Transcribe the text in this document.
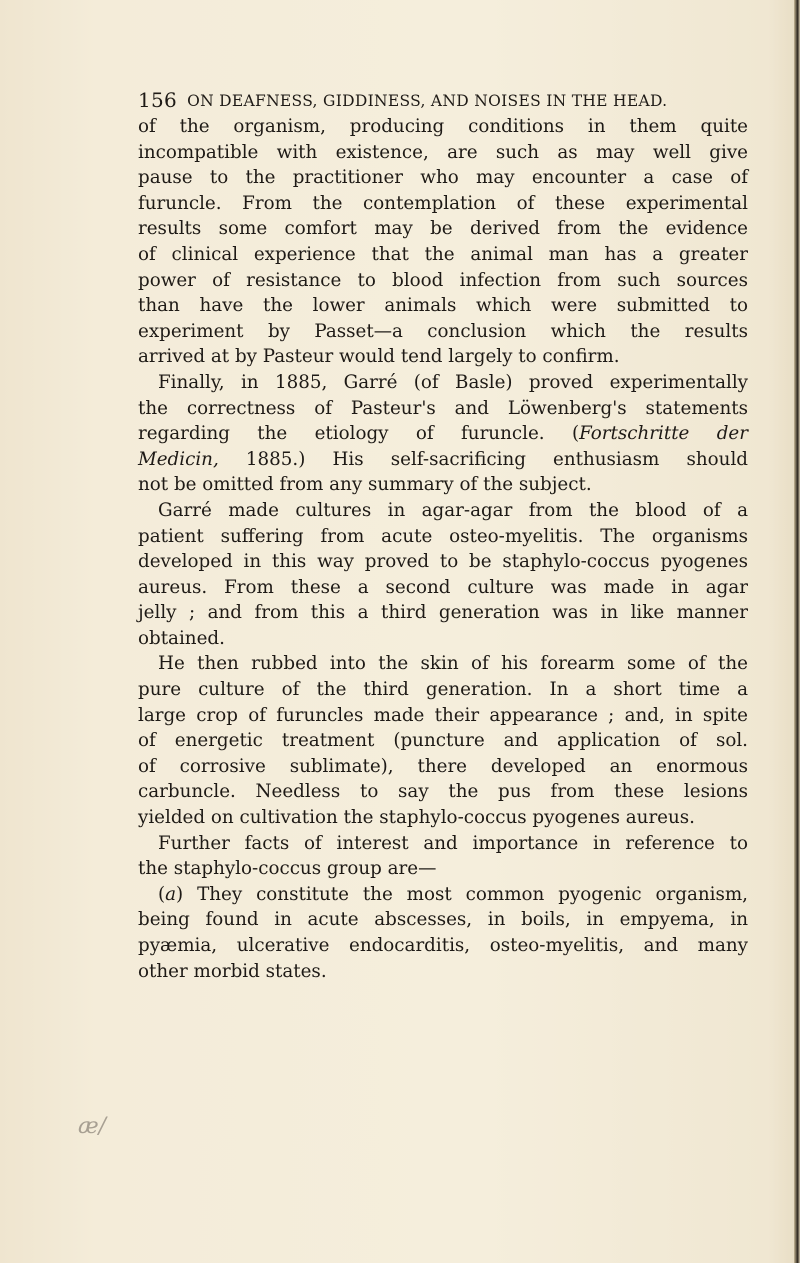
156 ON DEAFNESS, GIDDINESS, AND NOISES IN THE HEAD.
æ/
of the organism, producing conditions in them quite
incompatible with existence, are such as may well give
pause to the practitioner who may encounter a case of
furuncle. From the contemplation of these experimental
results some comfort may be derived from the evidence
of clinical experience that the animal man has a greater
power of resistance to blood infection from such sources
than have the lower animals which were submitted to
experiment by Passet—a conclusion which the results
arrived at by Pasteur would tend largely to confirm.
Finally, in 1885, Garré (of Basle) proved experimentally
the correctness of Pasteur's and Löwenberg's statements
regarding the etiology of furuncle. (Fortschritte der
Medicin, 1885.) His self-sacrificing enthusiasm should
not be omitted from any summary of the subject.
Garré made cultures in agar-agar from the blood of a
patient suffering from acute osteo-myelitis. The organisms
developed in this way proved to be staphylo-coccus pyogenes
aureus. From these a second culture was made in agar
jelly ; and from this a third generation was in like manner
obtained.
He then rubbed into the skin of his forearm some of the
pure culture of the third generation. In a short time a
large crop of furuncles made their appearance ; and, in spite
of energetic treatment (puncture and application of sol.
of corrosive sublimate), there developed an enormous
carbuncle. Needless to say the pus from these lesions
yielded on cultivation the staphylo-coccus pyogenes aureus.
Further facts of interest and importance in reference to
the staphylo-coccus group are—
(a) They constitute the most common pyogenic organism,
being found in acute abscesses, in boils, in empyema, in
pyæmia, ulcerative endocarditis, osteo-myelitis, and many
other morbid states.
